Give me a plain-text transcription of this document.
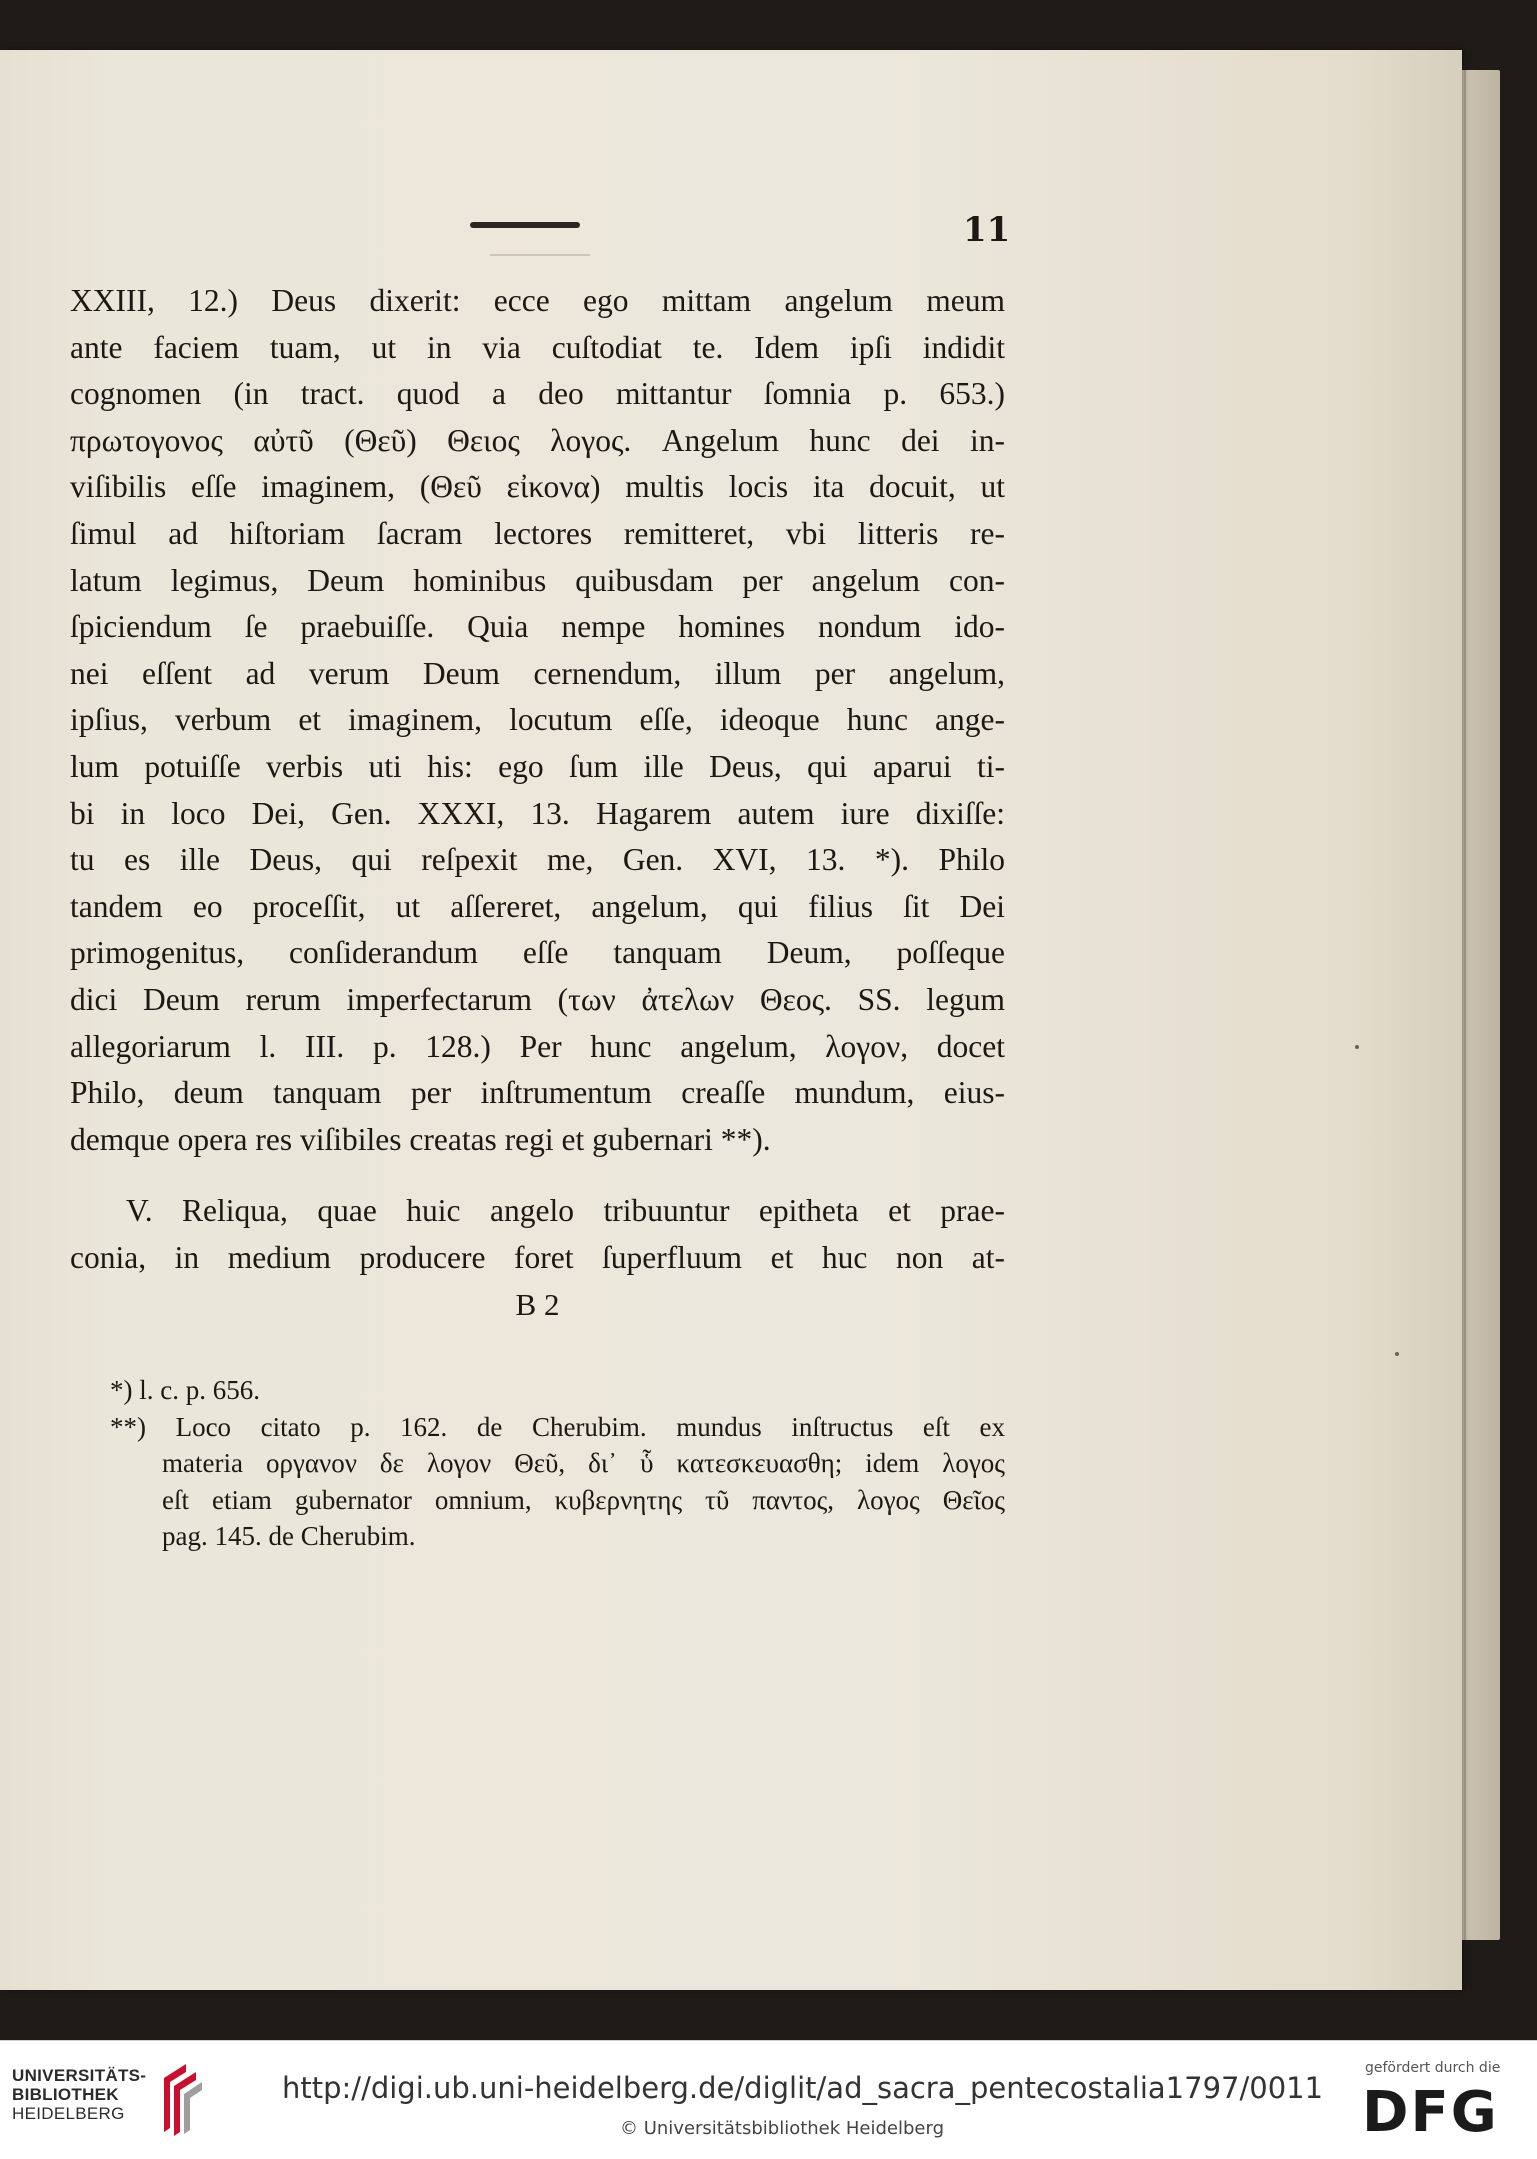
11
XXIII, 12.) Deus dixerit: ecce ego mittam angelum meum
ante faciem tuam, ut in via cuſtodiat te. Idem ipſi indidit
cognomen (in tract. quod a deo mittantur ſomnia p. 653.)
πρωτογονος αὐτῦ (Θεῦ) Θειος λογος. Angelum hunc dei in-
viſibilis eſſe imaginem, (Θεῦ εἰκονα) multis locis ita docuit, ut
ſimul ad hiſtoriam ſacram lectores remitteret, vbi litteris re-
latum legimus, Deum hominibus quibusdam per angelum con-
ſpiciendum ſe praebuiſſe. Quia nempe homines nondum ido-
nei eſſent ad verum Deum cernendum, illum per angelum,
ipſius, verbum et imaginem, locutum eſſe, ideoque hunc ange-
lum potuiſſe verbis uti his: ego ſum ille Deus, qui aparui ti-
bi in loco Dei, Gen. XXXI, 13. Hagarem autem iure dixiſſe:
tu es ille Deus, qui reſpexit me, Gen. XVI, 13. *). Philo
tandem eo proceſſit, ut aſſereret, angelum, qui filius ſit Dei
primogenitus, conſiderandum eſſe tanquam Deum, poſſeque
dici Deum rerum imperfectarum (των ἀτελων Θεος. SS. legum
allegoriarum l. III. p. 128.) Per hunc angelum, λογον, docet
Philo, deum tanquam per inſtrumentum creaſſe mundum, eius-
demque opera res viſibiles creatas regi et gubernari **).
V. Reliqua, quae huic angelo tribuuntur epitheta et prae-
conia, in medium producere foret ſuperfluum et huc non at-
B 2
*) l. c. p. 656.
**) Loco citato p. 162. de Cherubim. mundus inſtructus eſt ex
materia οργανον δε λογον Θεῦ, δι᾿ ὗ κατεσκευασθη; idem λογος
eſt etiam gubernator omnium, κυβερνητης τῦ παντος, λογος Θεῖος
pag. 145. de Cherubim.
UNIVERSITÄTS-
BIBLIOTHEK
HEIDELBERG
http://digi.ub.uni-heidelberg.de/diglit/ad_sacra_pentecostalia1797/0011
© Universitätsbibliothek Heidelberg
gefördert durch die
DFG
